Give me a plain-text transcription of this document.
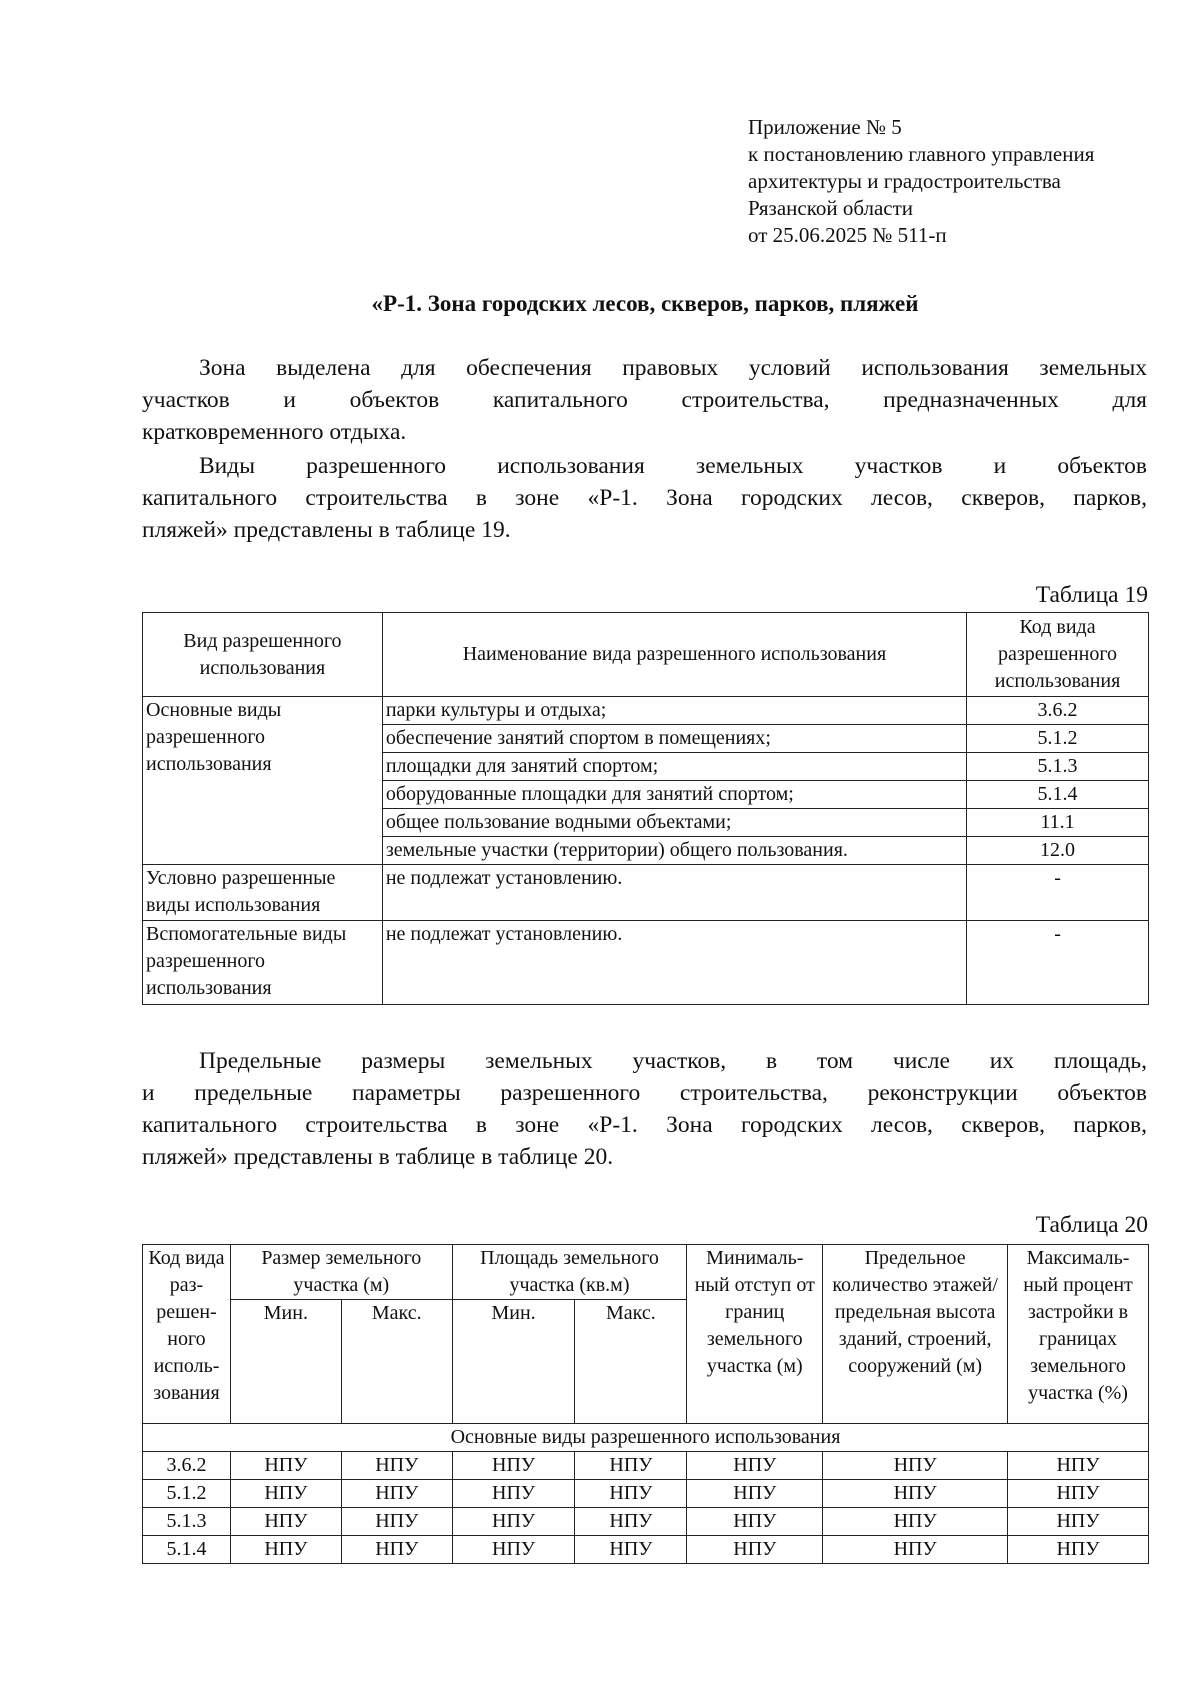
Приложение № 5
к постановлению главного управления
архитектуры и градостроительства
Рязанской области
от 25.06.2025 № 511-п
«Р-1. Зона городских лесов, скверов, парков, пляжей
Зона выделена для обеспечения правовых условий использования земельных
участков и объектов капитального строительства, предназначенных для
кратковременного отдыха.
Виды разрешенного использования земельных участков и объектов
капитального строительства в зоне «Р-1. Зона городских лесов, скверов, парков,
пляжей» представлены в таблице 19.
Таблица 19
Вид разрешенного использования	Наименование вида разрешенного использования	Код вида разрешенного использования
Основные виды разрешенного использования	парки культуры и отдыха;	3.6.2
	обеспечение занятий спортом в помещениях;	5.1.2
	площадки для занятий спортом;	5.1.3
	оборудованные площадки для занятий спортом;	5.1.4
	общее пользование водными объектами;	11.1
	земельные участки (территории) общего пользования.	12.0
Условно разрешенные виды использования	не подлежат установлению.	-
Вспомогательные виды разрешенного использования	не подлежат установлению.	-
Предельные размеры земельных участков, в том числе их площадь,
и предельные параметры разрешенного строительства, реконструкции объектов
капитального строительства в зоне «Р-1. Зона городских лесов, скверов, парков,
пляжей» представлены в таблице в таблице 20.
Таблица 20
Код вида раз- решен- ного исполь- зования	Размер земельного участка (м)		Площадь земельного участка (кв.м)		Минималь- ный отступ от границ земельного участка (м)	Предельное количество этажей/ предельная высота зданий, строений, сооружений (м)	Максималь- ный процент застройки в границах земельного участка (%)
	Мин.	Макс.	Мин.	Макс.			
Основные виды разрешенного использования							
3.6.2	НПУ	НПУ	НПУ	НПУ	НПУ	НПУ	НПУ
5.1.2	НПУ	НПУ	НПУ	НПУ	НПУ	НПУ	НПУ
5.1.3	НПУ	НПУ	НПУ	НПУ	НПУ	НПУ	НПУ
5.1.4	НПУ	НПУ	НПУ	НПУ	НПУ	НПУ	НПУ
